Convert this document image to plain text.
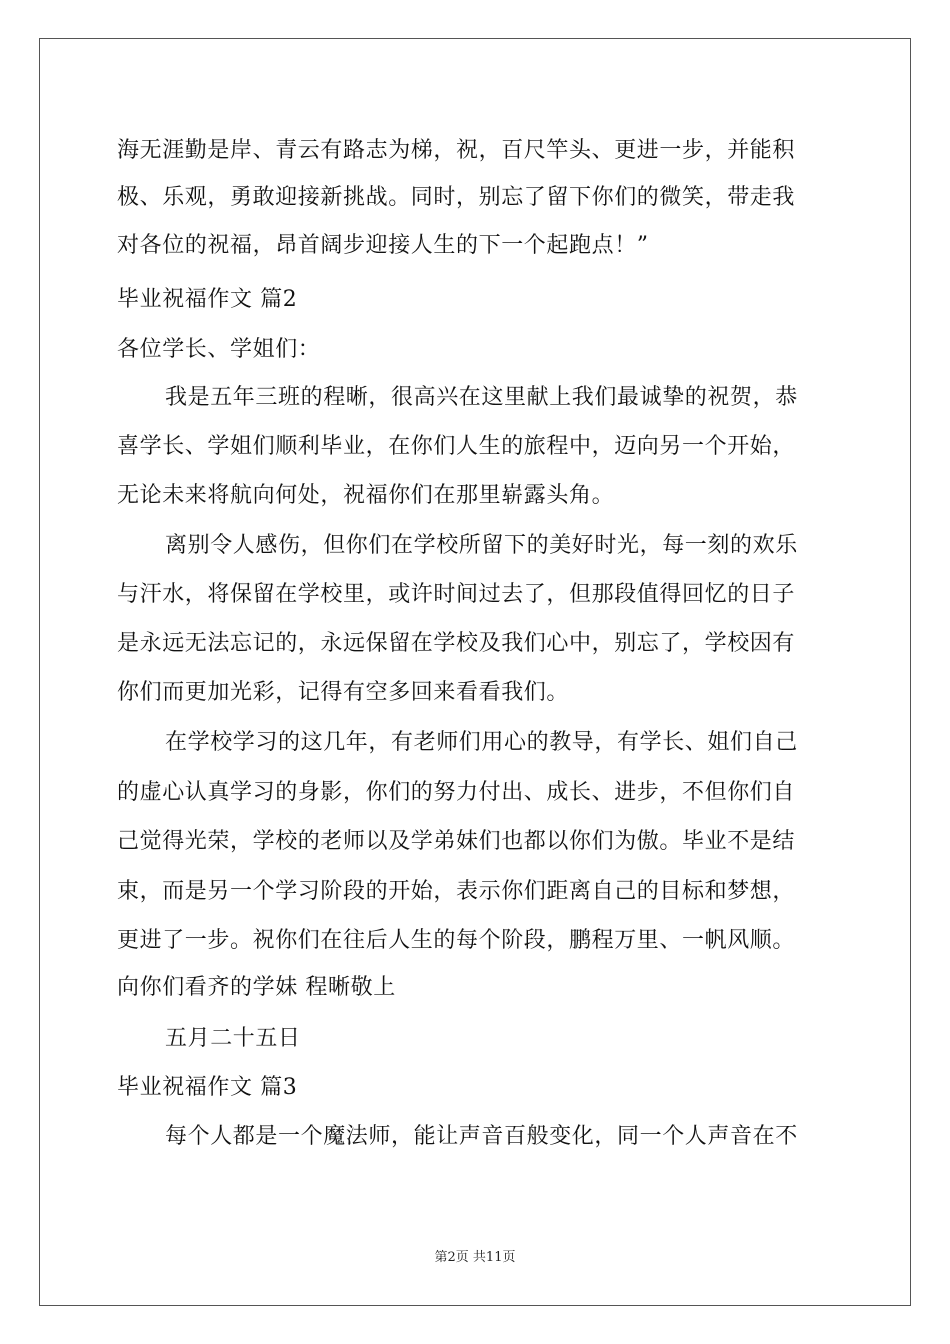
海无涯勤是岸、青云有路志为梯，祝，百尺竿头、更进一步，并能积
极、乐观，勇敢迎接新挑战。同时，别忘了留下你们的微笑，带走我
对各位的祝福，昂首阔步迎接人生的下一个起跑点！”
毕业祝福作文 篇2
各位学长、学姐们：
我是五年三班的程晰，很高兴在这里献上我们最诚挚的祝贺，恭
喜学长、学姐们顺利毕业，在你们人生的旅程中，迈向另一个开始，
无论未来将航向何处，祝福你们在那里崭露头角。
离别令人感伤，但你们在学校所留下的美好时光，每一刻的欢乐
与汗水，将保留在学校里，或许时间过去了，但那段值得回忆的日子
是永远无法忘记的，永远保留在学校及我们心中，别忘了，学校因有
你们而更加光彩，记得有空多回来看看我们。
在学校学习的这几年，有老师们用心的教导，有学长、姐们自己
的虚心认真学习的身影，你们的努力付出、成长、进步，不但你们自
己觉得光荣，学校的老师以及学弟妹们也都以你们为傲。毕业不是结
束，而是另一个学习阶段的开始，表示你们距离自己的目标和梦想，
更进了一步。祝你们在往后人生的每个阶段，鹏程万里、一帆风顺。
向你们看齐的学妹 程晰敬上
五月二十五日
毕业祝福作文 篇3
每个人都是一个魔法师，能让声音百般变化，同一个人声音在不
第2页 共11页
